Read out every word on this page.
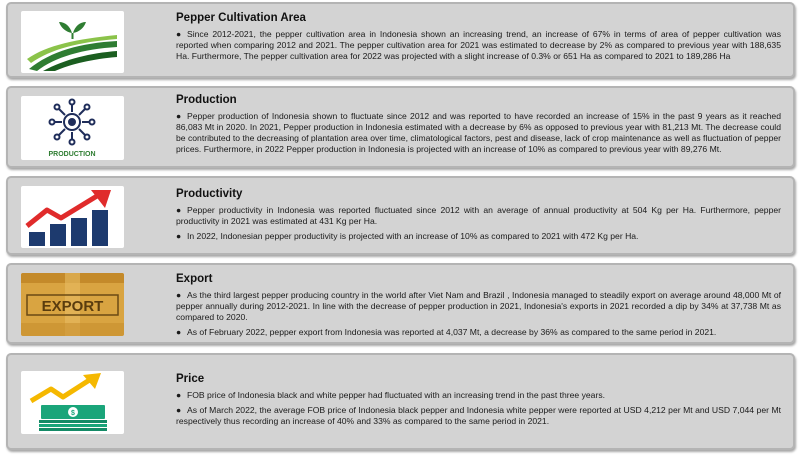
Pepper Cultivation Area

● Since 2012-2021, the pepper cultivation area in Indonesia shown an increasing trend, an increase of 67% in terms of area of pepper cultivation was reported when comparing 2012 and 2021. The pepper cultivation area for 2021 was estimated to decrease by 2% as compared to previous year with 188,635 Ha. Furthermore, The pepper cultivation area for 2022 was projected with a slight increase of 0.3% or 651 Ha as compared to 2021 to 189,286 Ha

PRODUCTION
Production

● Pepper production of Indonesia shown to fluctuate since 2012 and was reported to have recorded an increase of 15% in the past 9 years as it reached 86,083 Mt in 2020. In 2021, Pepper production in Indonesia estimated with a decrease by 6% as opposed to previous year with 81,213 Mt. The decrease could be contributed to the decreasing of plantation area over time, climatological factors, pest and disease, lack of crop maintenance as well as fluctuation of pepper prices. Furthermore, in 2022 Pepper production in Indonesia is projected with an increase of 10% as compared to previous year with 89,276 Mt.

Productivity

● Pepper productivity in Indonesia was reported fluctuated since 2012 with an average of annual productivity at 504 Kg per Ha. Furthermore, pepper productivity in 2021 was estimated at 431 Kg per Ha.

● In 2022, Indonesian pepper productivity is projected with an increase of 10% as compared to 2021 with 472 Kg per Ha.

EXPORT
Export

● As the third largest pepper producing country in the world after Viet Nam and Brazil , Indonesia managed to steadily export on average around 48,000 Mt of pepper annually during 2012-2021. In line with the decrease of pepper production in 2021, Indonesia's exports in 2021 recorded a dip by 34% at 37,738 Mt as compared to 2020.

● As of February 2022, pepper export from Indonesia was reported at 4,037 Mt, a decrease by 36% as compared to the same period in 2021.

$
Price

● FOB price of Indonesia black and white pepper had fluctuated with an increasing trend in the past three years.

● As of March 2022, the average FOB price of Indonesia black pepper and Indonesia white pepper were reported at USD 4,212 per Mt and USD 7,044 per Mt respectively thus recording an increase of 40% and 33% as compared to the same period in 2021.
